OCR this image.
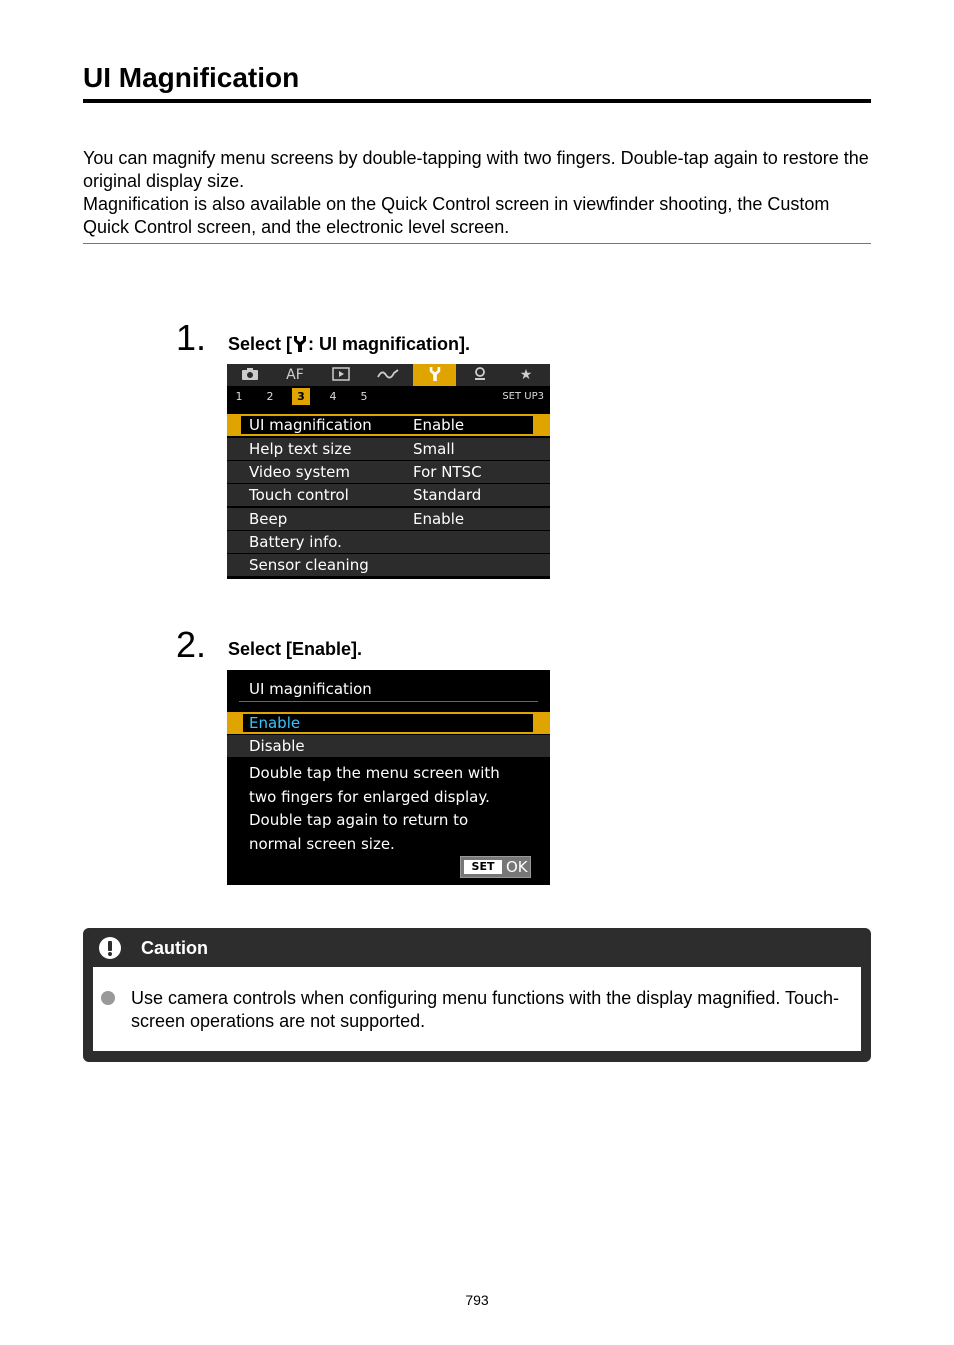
UI Magnification

You can magnify menu screens by double-tapping with two fingers. Double-tap again to restore the original display size.

Magnification is also available on the Quick Control screen in viewfinder shooting, the Custom Quick Control screen, and the electronic level screen.

1. Select [ : UI magnification].
AF	★
1	2	3	4	5	SET UP3
UI magnification	Enable
Help text size	Small
Video system	For NTSC
Touch control	Standard
Beep	Enable
Battery info.
Sensor cleaning
2. Select [Enable].
UI magnification
Enable
Disable
Double tap the menu screen with
two fingers for enlarged display.
Double tap again to return to
normal screen size.
SET OK
Caution
Use camera controls when configuring menu functions with the display magnified. Touch-screen operations are not supported.
793
